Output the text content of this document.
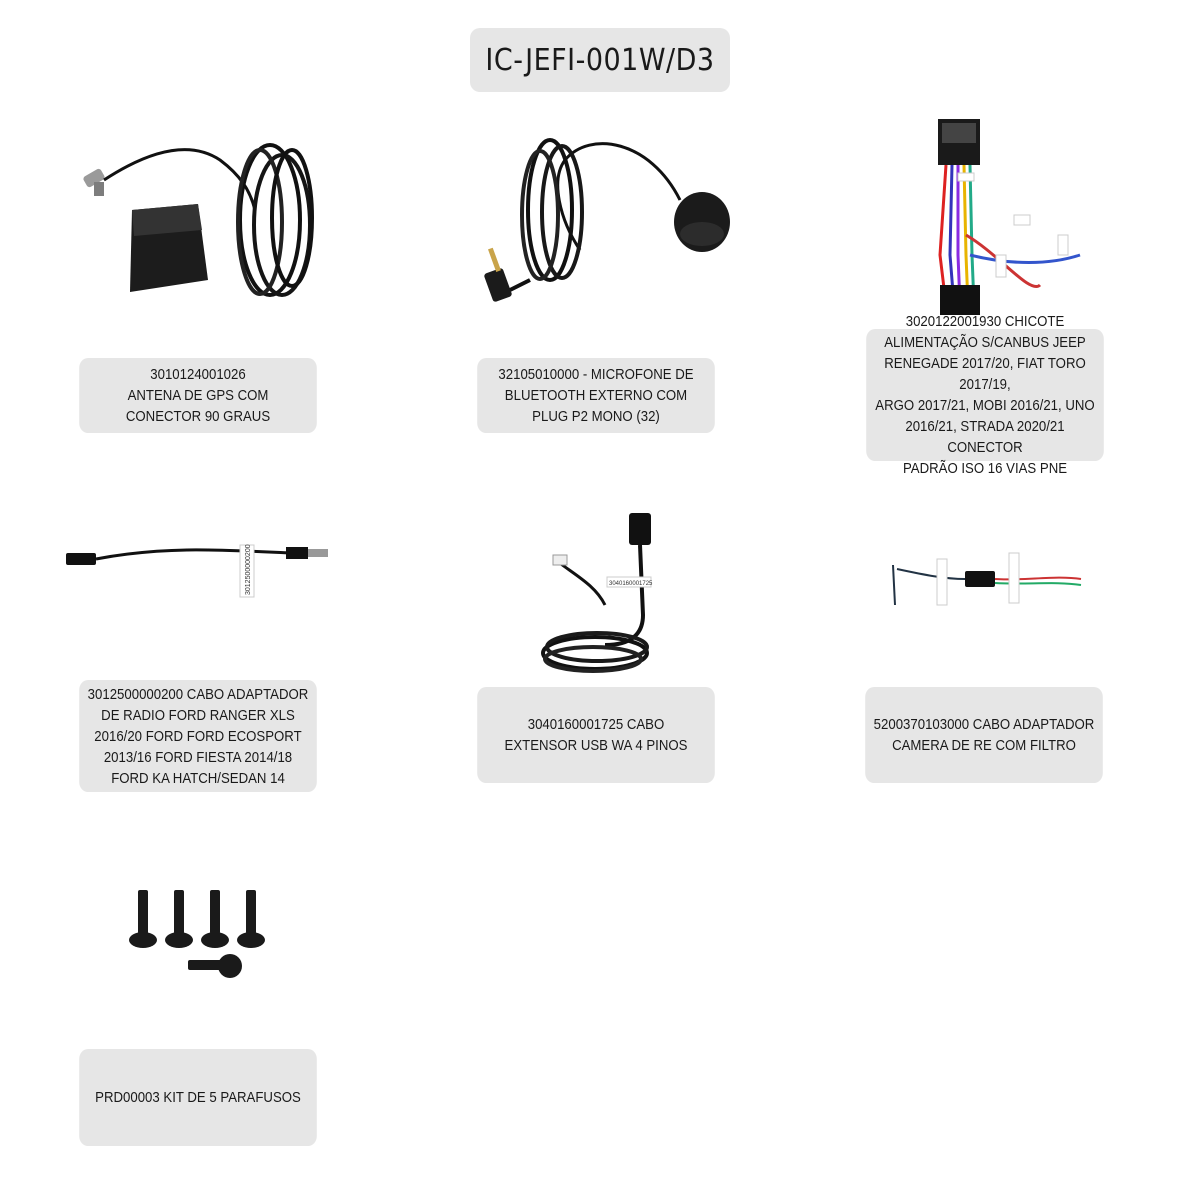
IC-JEFI-001W/D3
3010124001026
ANTENA DE GPS COM
CONECTOR 90 GRAUS
32105010000 - MICROFONE DE
BLUETOOTH EXTERNO COM
PLUG P2 MONO (32)
3020122001930 CHICOTE
ALIMENTAÇÃO S/CANBUS JEEP
RENEGADE 2017/20, FIAT TORO 2017/19,
ARGO 2017/21, MOBI 2016/21, UNO
2016/21, STRADA 2020/21 CONECTOR
PADRÃO ISO 16 VIAS PNE
3012500000200
3012500000200 CABO ADAPTADOR
DE RADIO FORD RANGER XLS
2016/20 FORD FORD ECOSPORT
2013/16 FORD FIESTA 2014/18
FORD KA HATCH/SEDAN 14
3040160001725
3040160001725 CABO
EXTENSOR USB WA 4 PINOS
5200370103000 CABO ADAPTADOR
CAMERA DE RE COM FILTRO
PRD00003 KIT DE 5 PARAFUSOS
